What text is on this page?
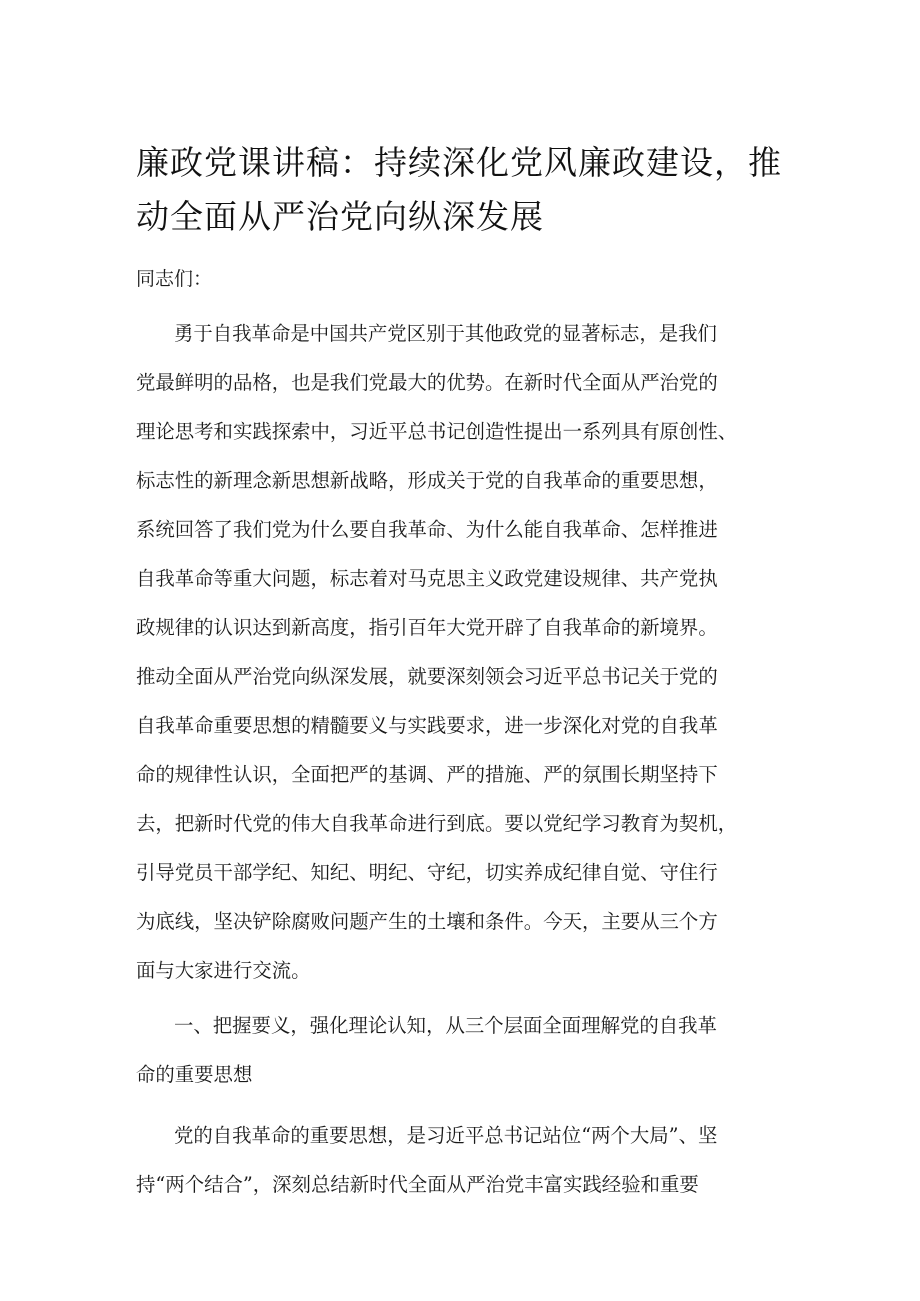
廉政党课讲稿：持续深化党风廉政建设，推
动全面从严治党向纵深发展

同志们：

勇于自我革命是中国共产党区别于其他政党的显著标志，是我们
党最鲜明的品格，也是我们党最大的优势。在新时代全面从严治党的
理论思考和实践探索中，习近平总书记创造性提出一系列具有原创性、
标志性的新理念新思想新战略，形成关于党的自我革命的重要思想，
系统回答了我们党为什么要自我革命、为什么能自我革命、怎样推进
自我革命等重大问题，标志着对马克思主义政党建设规律、共产党执
政规律的认识达到新高度，指引百年大党开辟了自我革命的新境界。
推动全面从严治党向纵深发展，就要深刻领会习近平总书记关于党的
自我革命重要思想的精髓要义与实践要求，进一步深化对党的自我革
命的规律性认识，全面把严的基调、严的措施、严的氛围长期坚持下
去，把新时代党的伟大自我革命进行到底。要以党纪学习教育为契机，
引导党员干部学纪、知纪、明纪、守纪，切实养成纪律自觉、守住行
为底线，坚决铲除腐败问题产生的土壤和条件。今天，主要从三个方
面与大家进行交流。

一、把握要义，强化理论认知，从三个层面全面理解党的自我革
命的重要思想

党的自我革命的重要思想，是习近平总书记站位“两个大局”、坚
持“两个结合”，深刻总结新时代全面从严治党丰富实践经验和重要
